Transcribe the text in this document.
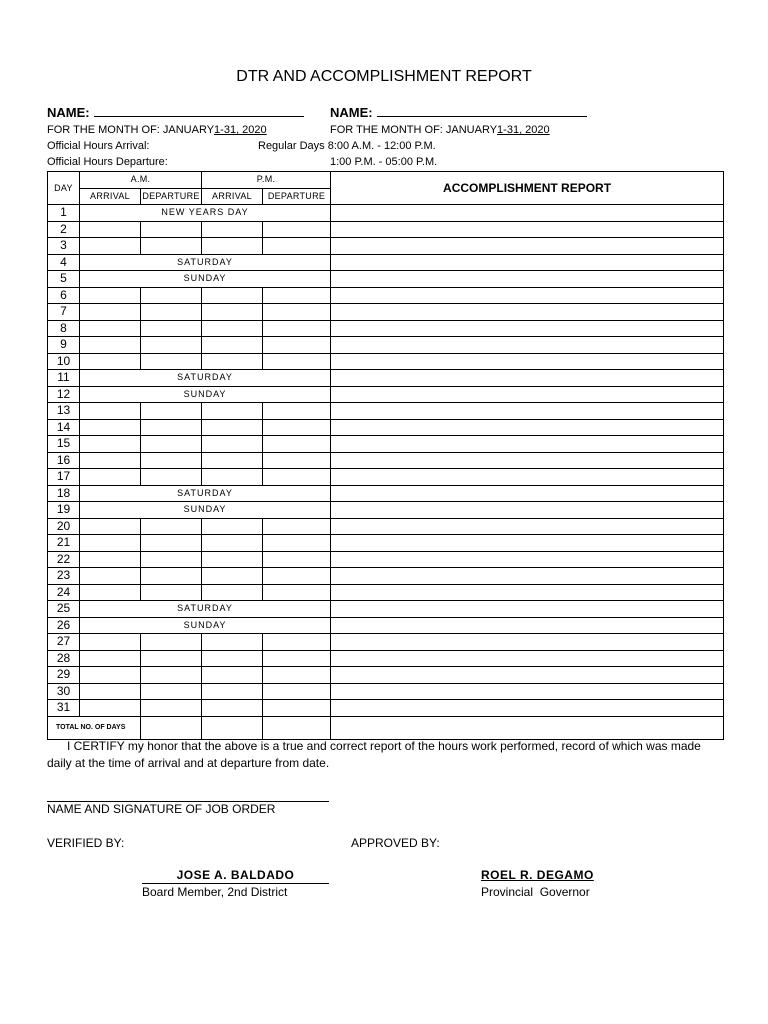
DTR AND ACCOMPLISHMENT REPORT
NAME:
FOR THE MONTH OF: JANUARY1-31, 2020
Official Hours Arrival:
Official Hours Departure:
NAME:
FOR THE MONTH OF: JANUARY1-31, 2020
Regular Days 8:00 A.M. - 12:00 P.M.
1:00 P.M. - 05:00 P.M.
DAY	A.M.		P.M.		ACCOMPLISHMENT REPORT
	ARRIVAL	DEPARTURE	ARRIVAL	DEPARTURE	
1	NEW YEARS DAY				
2					
3					
4	SATURDAY				
5	SUNDAY				
6					
7					
8					
9					
10					
11	SATURDAY				
12	SUNDAY				
13					
14					
15					
16					
17					
18	SATURDAY				
19	SUNDAY				
20					
21					
22					
23					
24					
25	SATURDAY				
26	SUNDAY				
27					
28					
29					
30					
31					
TOTAL NO. OF DAYS					
I CERTIFY my honor that the above is a true and correct report of the hours work performed, record of which was made daily at the time of arrival and at departure from date.
NAME AND SIGNATURE OF JOB ORDER
VERIFIED BY:	APPROVED BY:
JOSE A. BALDADO
Board Member, 2nd District
ROEL R. DEGAMO
Provincial  Governor
